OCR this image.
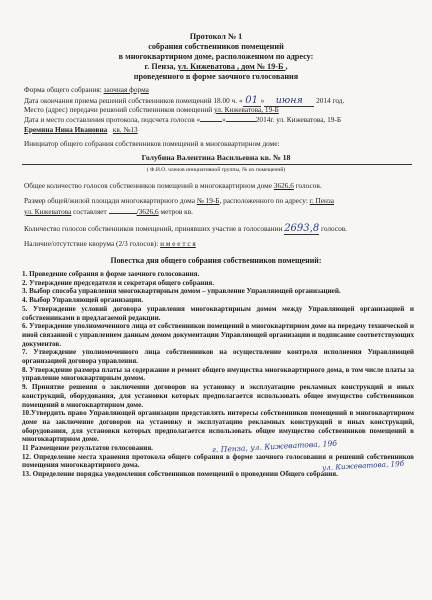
Протокол № 1
собрания собственников помещений
в многоквартирном доме, расположенном по адресу:
г. Пенза, ул. Кижеватова , дом № 19-Б ,
проведенного в форме заочного голосования
Форма общего собрания: заочная форма
Дата окончания приема решений собственников помещений 18.00 ч. « 01 » июня 2014 год.
Место (адрес) передачи решений собственников помещений ул. Кижеватова, 19-Б
Дата и место составления протокола, подсчета голосов «	»	2014г. ул. Кижеватова, 19-Б
Еремина Нина Ивановна кв. №13
Инициатор общего собрания собственников помещений в многоквартирном доме:
Голубина Валентина Васильевна кв. № 18
( Ф.И.О. членов инициативной группы, № их помещений)
Общее количество голосов собственников помещений в многоквартирном доме 3626,6 голосов.
Размер общей/жилой площади многоквартирного дома № 19-Б, расположенного по адресу: г. Пенза
ул. Кижеватова составляет	/3626,6 метров кв.
Количество голосов собственников помещений, принявших участие в голосовании 2693,8 голосов.
Наличие/отсутствие кворума (2/3 голосов): и м е е т с я
Повестка дня общего собрания собственников помещений:
1. Проведение собрания в форме заочного голосования.
2. Утверждение председателя и секретаря общего собрания.
3. Выбор способа управления многоквартирным домом – управление Управляющей организацией.
4. Выбор Управляющей организации.
5. Утверждение условий договора управления многоквартирным домом между Управляющей организацией и собственниками в предлагаемой редакции.
6. Утверждение уполномоченного лица от собственников помещений в многоквартирном доме на передачу технической и иной связанной с управлением данным домом документации Управляющей организации и подписание соответствующих документов.
7. Утверждение уполномоченного лица собственников на осуществление контроля исполнения Управляющей организацией договора управления.
8. Утверждение размера платы за содержание и ремонт общего имущества многоквартирного дома, в том числе платы за управление многоквартирным домом.
9. Принятие решения о заключении договоров на установку и эксплуатацию рекламных конструкций и иных конструкций, оборудования, для установки которых предполагается использовать общее имущество собственников помещений в многоквартирном доме.
10.Утвердить право Управляющей организации представлять интересы собственников помещений в многоквартирном доме на заключение договоров на установку и эксплуатацию рекламных конструкций и иных конструкций, оборудования, для установки которых предполагается использовать общее имущество собственников помещений в многоквартирном доме.
11 Размещение результатов голосования.	г. Пенза, ул. Кижеватова, 19б
12. Определение места хранения протокола общего собрания в форме заочного голосования и решений собственников помещения многоквартирного дома.	ул. Кижеватова, 19б
13. Определение порядка уведомления собственников помещений о проведении Общего собрания.
